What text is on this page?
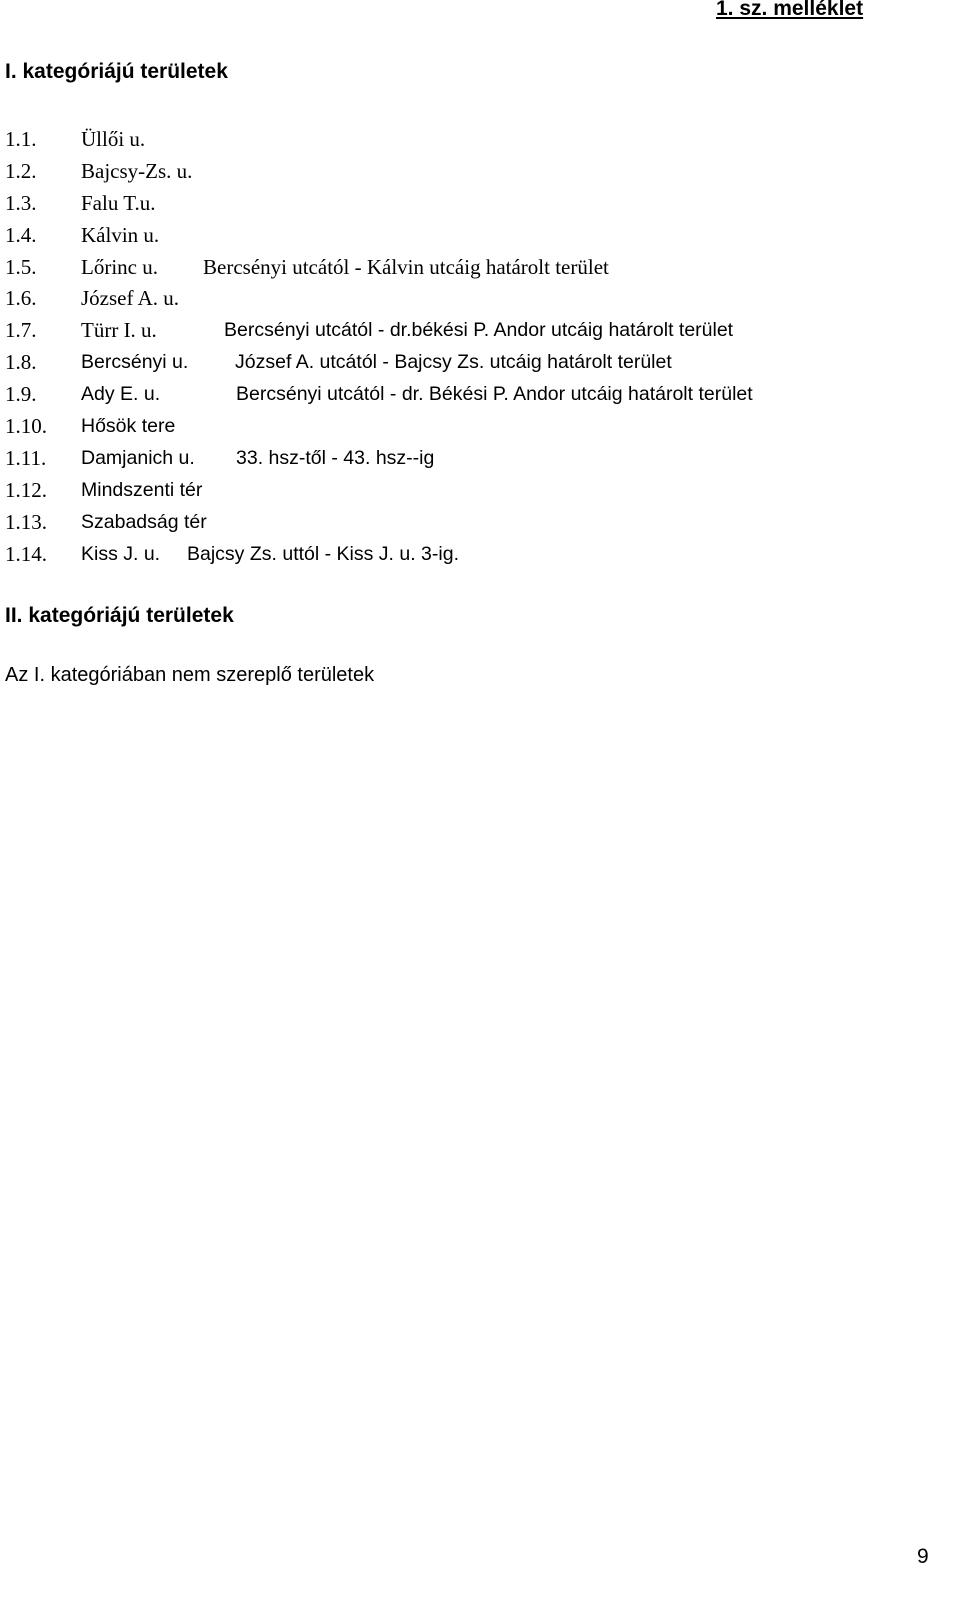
1. sz. melléklet
I. kategóriájú területek
1.1. Üllői u.
1.2. Bajcsy-Zs. u.
1.3. Falu T.u.
1.4. Kálvin u.
1.5. Lőrinc u. Bercsényi utcától - Kálvin utcáig határolt terület
1.6. József A. u.
1.7. Türr I. u.	Bercsényi utcától - dr.békési P. Andor utcáig határolt terület
1.8. Bercsényi u. József A. utcától - Bajcsy Zs. utcáig határolt terület
1.9. Ady E. u.	Bercsényi utcától - dr. Békési P. Andor utcáig határolt terület
1.10. Hősök tere
1.11. Damjanich u. 33. hsz-től - 43. hsz--ig
1.12. Mindszenti tér
1.13. Szabadság tér
1.14. Kiss J. u. Bajcsy Zs. uttól - Kiss J. u. 3-ig.
II. kategóriájú területek
Az I. kategóriában nem szereplő területek
9
